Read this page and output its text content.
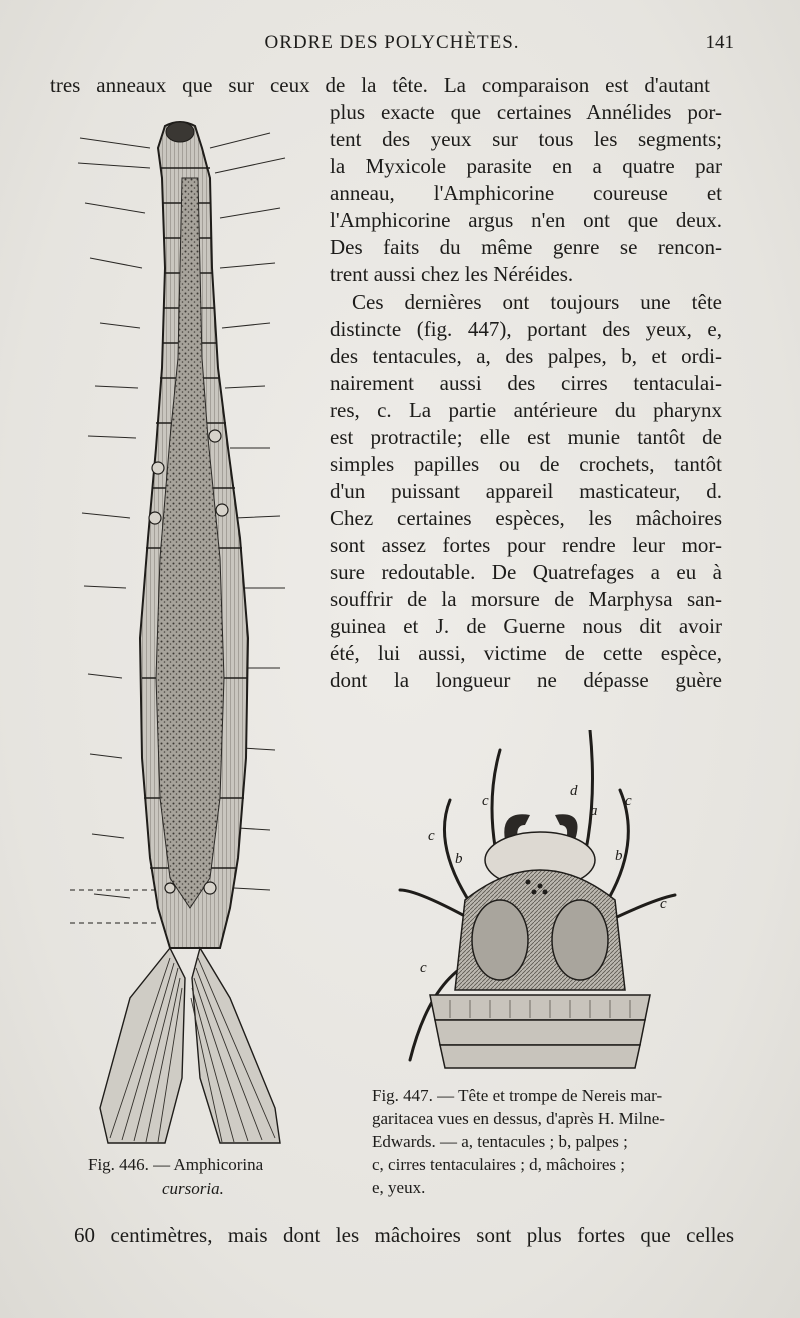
ORDRE DES POLYCHÈTES.	141
tres anneaux que sur ceux de la tête. La comparaison est d'autant
plus exacte que certaines Annélides por-
tent des yeux sur tous les segments;
la Myxicole parasite en a quatre par
anneau, l'Amphicorine coureuse et
l'Amphicorine argus n'en ont que deux.
Des faits du même genre se rencon-
trent aussi chez les Néréides.
Ces dernières ont toujours une tête
distincte (fig. 447), portant des yeux, e,
des tentacules, a, des palpes, b, et ordi-
nairement aussi des cirres tentaculai-
res, c. La partie antérieure du pharynx
est protractile; elle est munie tantôt de
simples papilles ou de crochets, tantôt
d'un puissant appareil masticateur, d.
Chez certaines espèces, les mâchoires
sont assez fortes pour rendre leur mor-
sure redoutable. De Quatrefages a eu à
souffrir de la morsure de Marphysa san-
guinea et J. de Guerne nous dit avoir
été, lui aussi, victime de cette espèce,
dont la longueur ne dépasse guère
Fig. 446. — Amphicorina
cursoria.
c
d
a
c
c
b	b
c
c
Fig. 447. — Tête et trompe de Nereis mar-
garitacea vues en dessus, d'après H. Milne-
Edwards. — a, tentacules ; b, palpes ;
c, cirres tentaculaires ; d, mâchoires ;
e, yeux.
60 centimètres, mais dont les mâchoires sont plus fortes que celles
